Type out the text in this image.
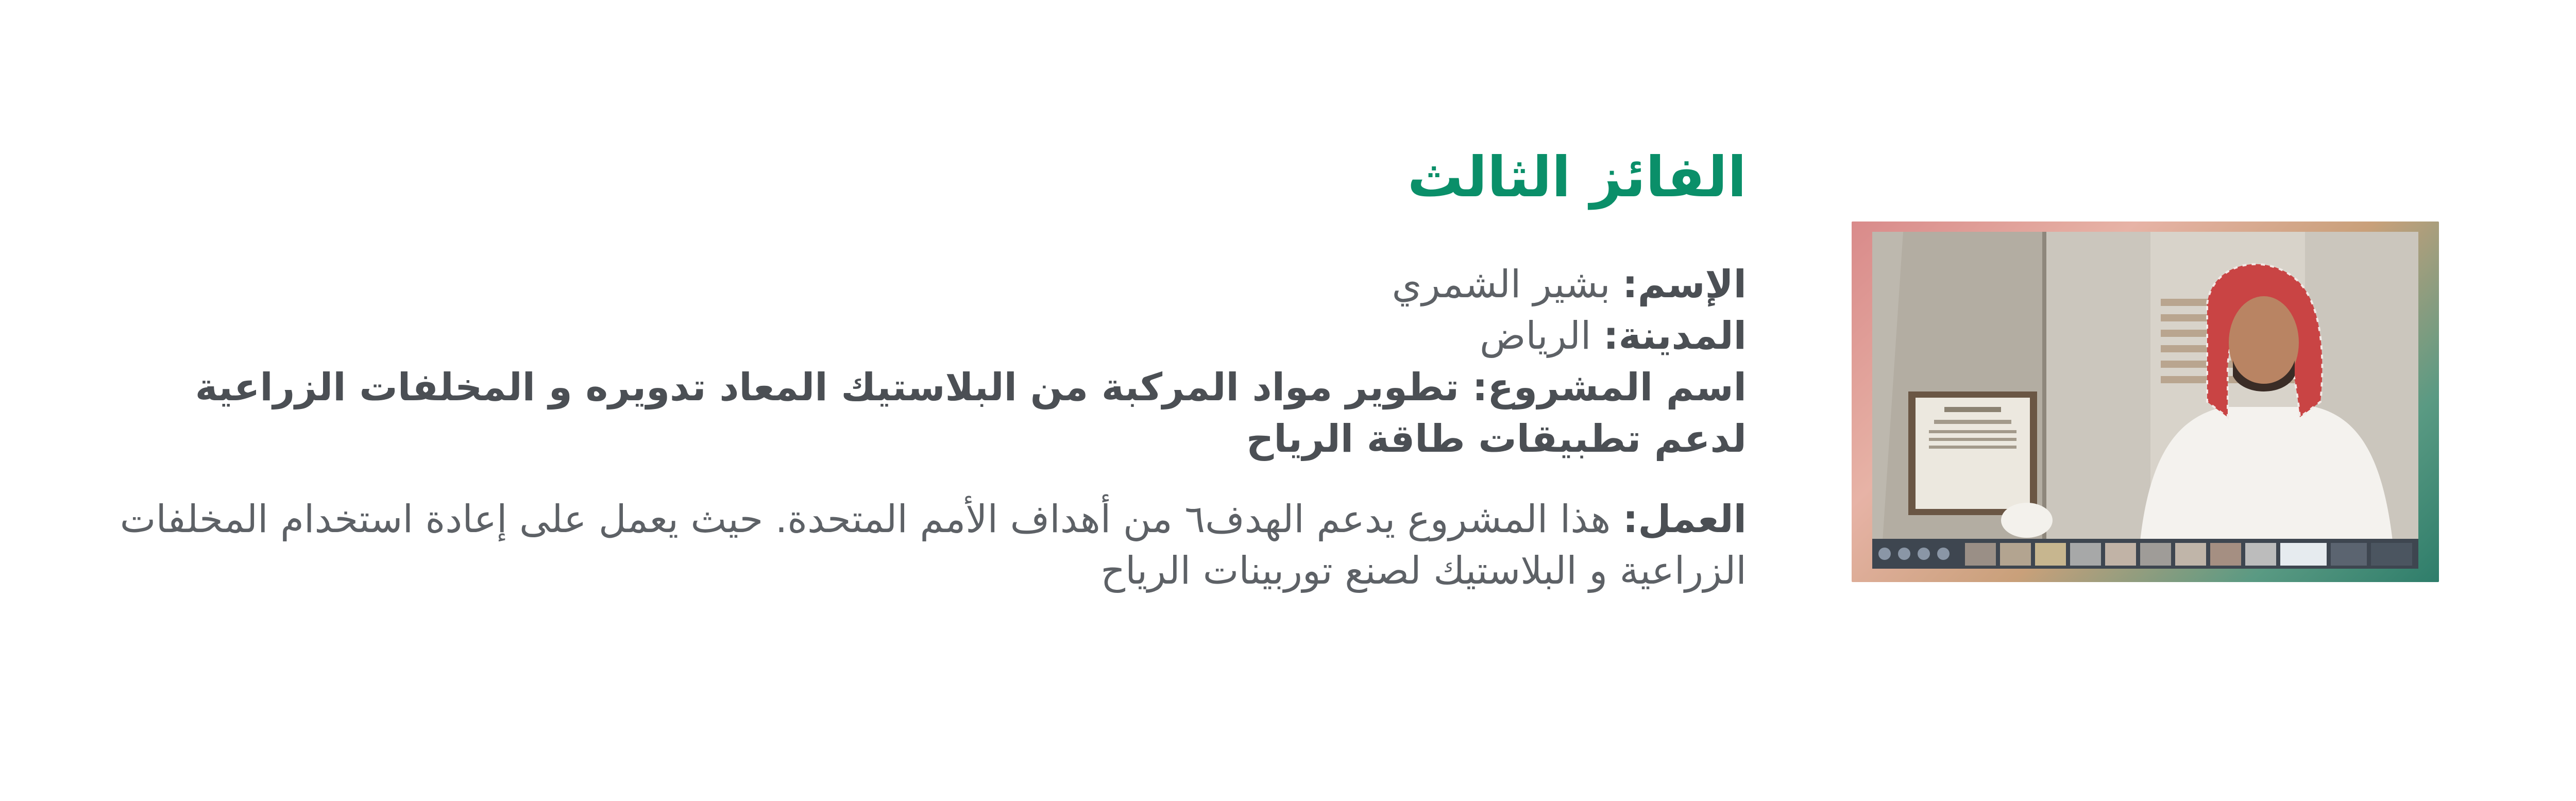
الفائز الثالث
الإسم: بشير الشمري
المدينة: الرياض
اسم المشروع: تطوير مواد المركبة من البلاستيك المعاد تدويره و المخلفات الزراعية لدعم تطبيقات طاقة الرياح
العمل: هذا المشروع يدعم الهدف٦ من أهداف الأمم المتحدة. حيث يعمل على إعادة استخدام المخلفات الزراعية و البلاستيك لصنع توربينات الرياح
